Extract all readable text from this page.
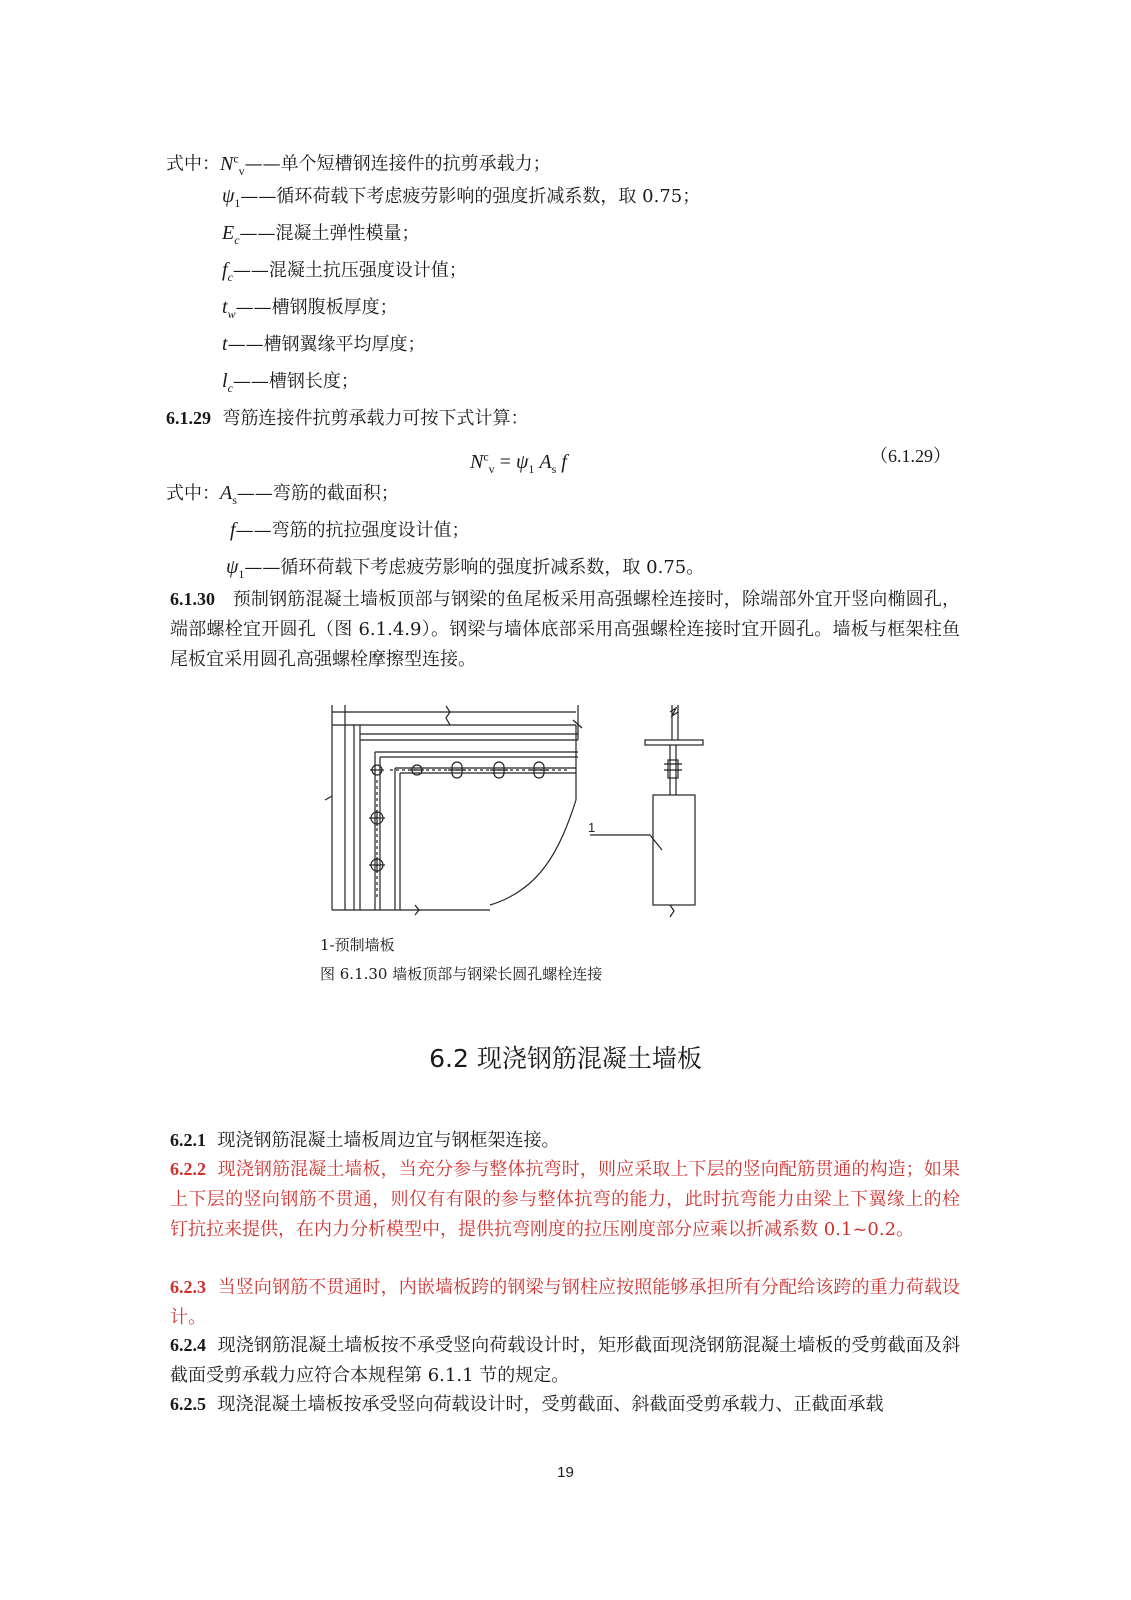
式中：$N^c_v——$单个短槽钢连接件的抗剪承载力；
$\psi_1——$循环荷载下考虑疲劳影响的强度折减系数，取 0.75；
$E_c——$混凝土弹性模量；
$f_c——$混凝土抗压强度设计值；
$t_w——$槽钢腹板厚度；
t——槽钢翼缘平均厚度；
$l_c——$槽钢长度；
6.1.29 弯筋连接件抗剪承载力可按下式计算：
$N^c_v = \psi_1$ $A_s$ f	（6.1.29）
式中：$A_s——$弯筋的截面积；
f——弯筋的抗拉强度设计值；
$\psi_1——$循环荷载下考虑疲劳影响的强度折减系数，取 0.75。
6.1.30 预制钢筋混凝土墙板顶部与钢梁的鱼尾板采用高强螺栓连接时，除端部外宜开竖向椭圆孔，端部螺栓宜开圆孔（图 6.1.4.9）。钢梁与墙体底部采用高强螺栓连接时宜开圆孔。墙板与框架柱鱼尾板宜采用圆孔高强螺栓摩擦型连接。
1
1-预制墙板
图 6.1.30 墙板顶部与钢梁长圆孔螺栓连接
6.2 现浇钢筋混凝土墙板
6.2.1 现浇钢筋混凝土墙板周边宜与钢框架连接。
6.2.2 现浇钢筋混凝土墙板，当充分参与整体抗弯时，则应采取上下层的竖向配筋贯通的构造；如果上下层的竖向钢筋不贯通，则仅有有限的参与整体抗弯的能力，此时抗弯能力由梁上下翼缘上的栓钉抗拉来提供，在内力分析模型中，提供抗弯刚度的拉压刚度部分应乘以折减系数 0.1~0.2。
6.2.3 当竖向钢筋不贯通时，内嵌墙板跨的钢梁与钢柱应按照能够承担所有分配给该跨的重力荷载设计。
6.2.4 现浇钢筋混凝土墙板按不承受竖向荷载设计时，矩形截面现浇钢筋混凝土墙板的受剪截面及斜截面受剪承载力应符合本规程第 6.1.1 节的规定。
6.2.5 现浇混凝土墙板按承受竖向荷载设计时，受剪截面、斜截面受剪承载力、正截面承载
19
